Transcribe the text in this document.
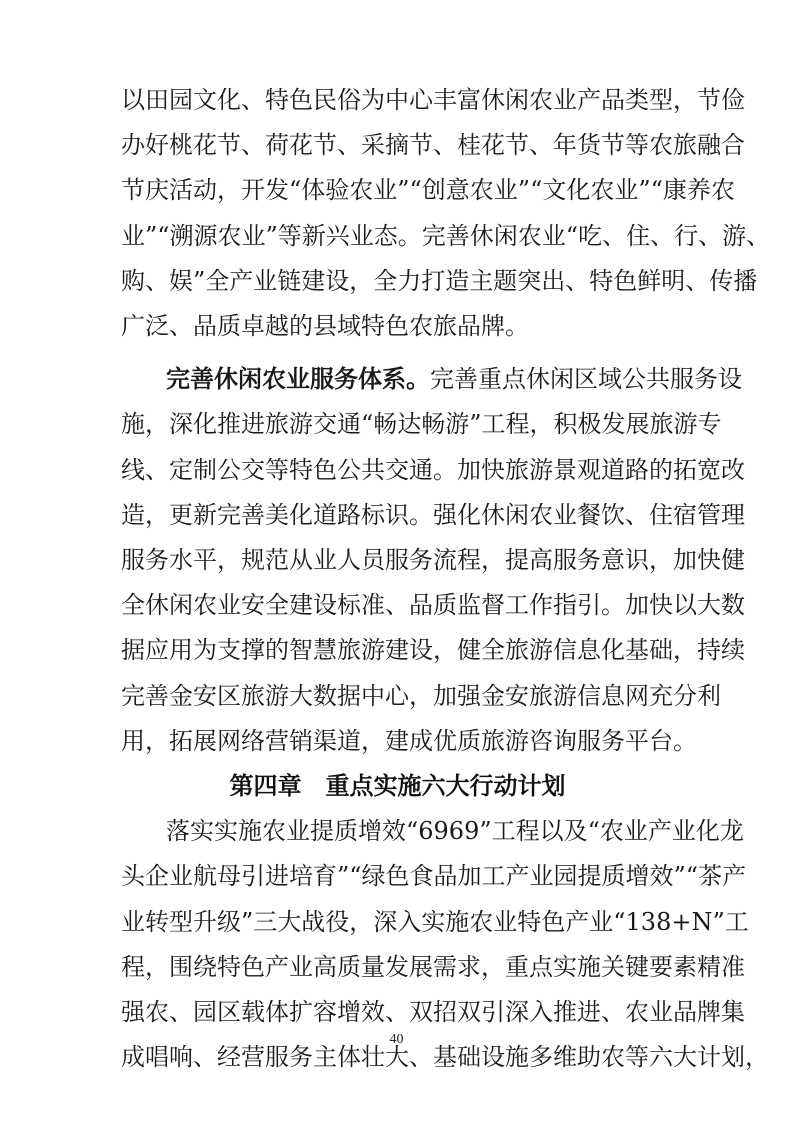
以田园文化、特色民俗为中心丰富休闲农业产品类型，节俭
办好桃花节、荷花节、采摘节、桂花节、年货节等农旅融合
节庆活动，开发“体验农业”“创意农业”“文化农业”“康养农
业”“溯源农业”等新兴业态。完善休闲农业“吃、住、行、游、
购、娱”全产业链建设，全力打造主题突出、特色鲜明、传播
广泛、品质卓越的县域特色农旅品牌。
完善休闲农业服务体系。完善重点休闲区域公共服务设
施，深化推进旅游交通“畅达畅游”工程，积极发展旅游专
线、定制公交等特色公共交通。加快旅游景观道路的拓宽改
造，更新完善美化道路标识。强化休闲农业餐饮、住宿管理
服务水平，规范从业人员服务流程，提高服务意识，加快健
全休闲农业安全建设标准、品质监督工作指引。加快以大数
据应用为支撑的智慧旅游建设，健全旅游信息化基础，持续
完善金安区旅游大数据中心，加强金安旅游信息网充分利
用，拓展网络营销渠道，建成优质旅游咨询服务平台。
第四章 重点实施六大行动计划
落实实施农业提质增效“6969”工程以及“农业产业化龙
头企业航母引进培育”“绿色食品加工产业园提质增效”“茶产
业转型升级”三大战役，深入实施农业特色产业“138+N”工
程，围绕特色产业高质量发展需求，重点实施关键要素精准
强农、园区载体扩容增效、双招双引深入推进、农业品牌集
成唱响、经营服务主体壮大、基础设施多维助农等六大计划，
40
